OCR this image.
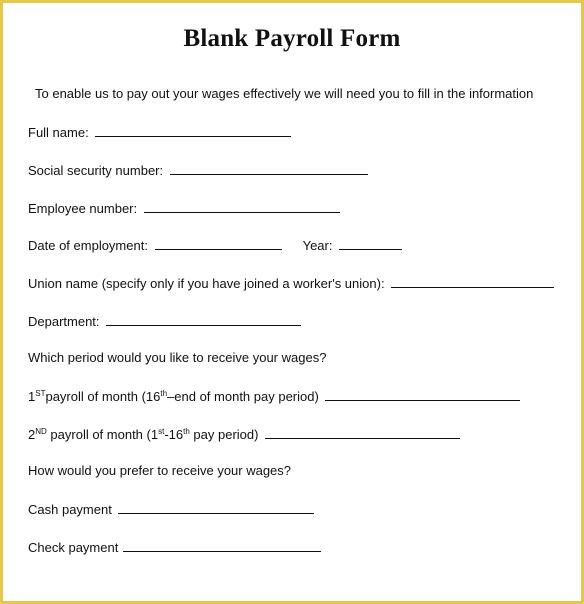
Blank Payroll Form
To enable us to pay out your wages effectively we will need you to fill in the information
Full name:
Social security number:
Employee number:
Date of employment:	Year:
Union name (specify only if you have joined a worker's union):
Department:
Which period would you like to receive your wages?
1STpayroll of month (16th–end of month pay period)
2ND payroll of month (1st-16th pay period)
How would you prefer to receive your wages?
Cash payment
Check payment
